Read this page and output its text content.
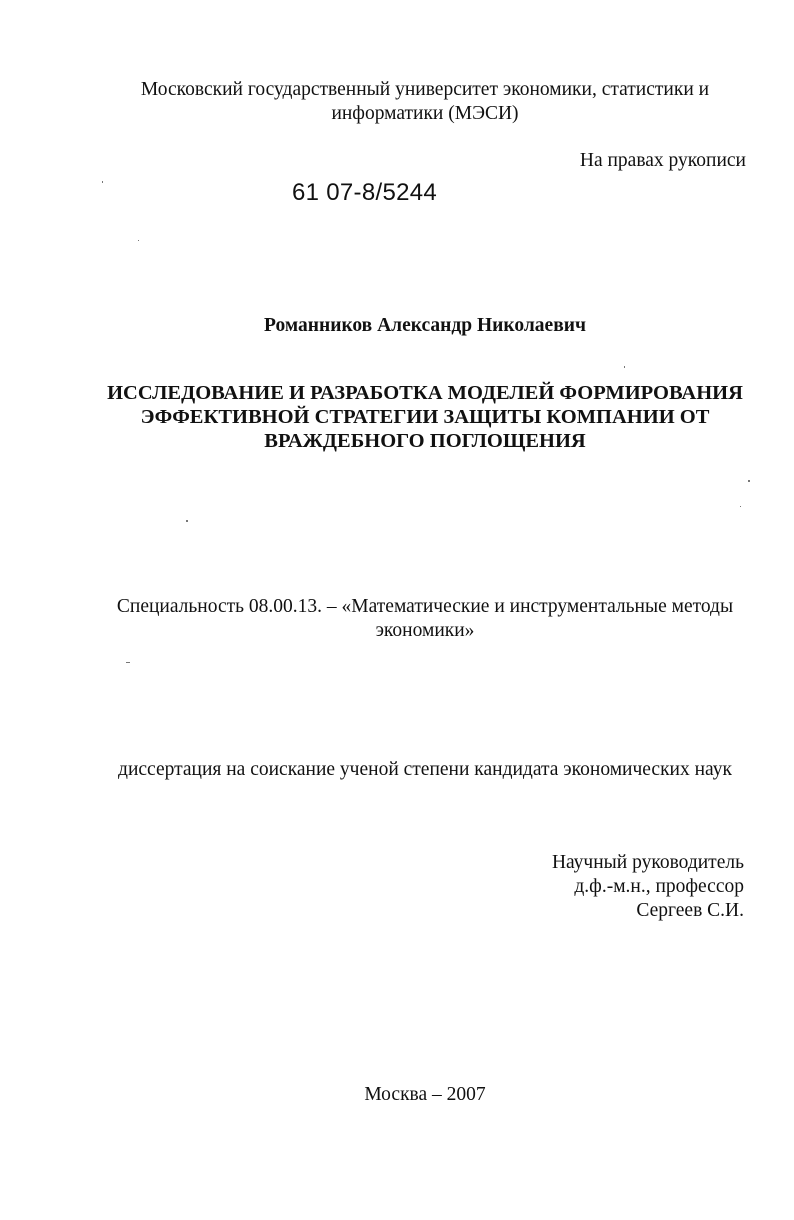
Московский государственный университет экономики, статистики и
информатики (МЭСИ)
На правах рукописи
61 07-8/5244
Романников Александр Николаевич
ИССЛЕДОВАНИЕ И РАЗРАБОТКА МОДЕЛЕЙ ФОРМИРОВАНИЯ
ЭФФЕКТИВНОЙ СТРАТЕГИИ ЗАЩИТЫ КОМПАНИИ ОТ
ВРАЖДЕБНОГО ПОГЛОЩЕНИЯ
Специальность 08.00.13. – «Математические и инструментальные методы
экономики»
диссертация на соискание ученой степени кандидата экономических наук
Научный руководитель
д.ф.-м.н., профессор
Сергеев С.И.
Москва – 2007
